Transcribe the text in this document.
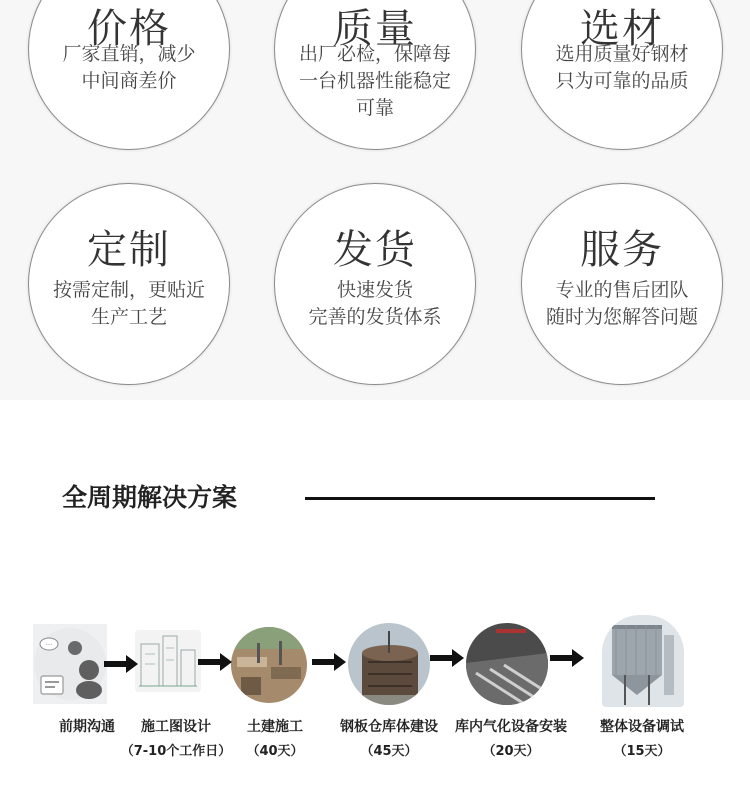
价格
厂家直销，减少
中间商差价
质量
出厂必检，保障每
一台机器性能稳定
可靠
选材
选用质量好钢材
只为可靠的品质
定制
按需定制，更贴近
生产工艺
发货
快速发货
完善的发货体系
服务
专业的售后团队
随时为您解答问题
全周期解决方案
···
前期沟通	施工图设计
（7-10个工作日）
土建施工
（40天）
钢板仓库体建设
（45天）
库内气化设备安装
（20天）
整体设备调试
（15天）
